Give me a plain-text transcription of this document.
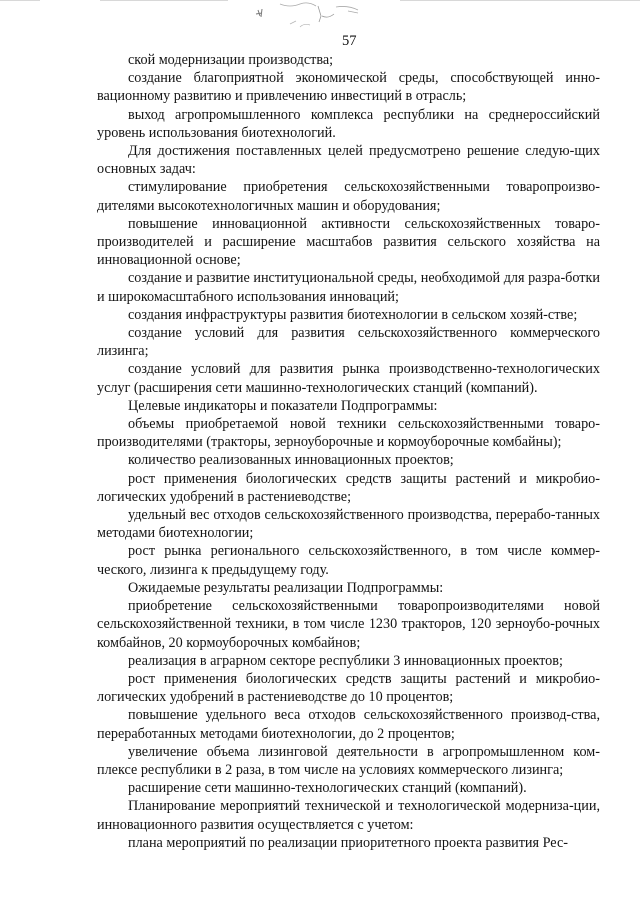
57

ской модернизации производства;

создание благоприятной экономической среды, способствующей инно-вационному развитию и привлечению инвестиций в отрасль;

выход агропромышленного комплекса республики на среднероссийский уровень использования биотехнологий.

Для достижения поставленных целей предусмотрено решение следую-щих основных задач:

стимулирование приобретения сельскохозяйственными товаропроизво-дителями высокотехнологичных машин и оборудования;

повышение инновационной активности сельскохозяйственных товаро-производителей и расширение масштабов развития сельского хозяйства на инновационной основе;

создание и развитие институциональной среды, необходимой для разра-ботки и широкомасштабного использования инноваций;

создания инфраструктуры развития биотехнологии в сельском хозяй-стве;

создание условий для развития сельскохозяйственного коммерческого лизинга;

создание условий для развития рынка производственно-технологических услуг (расширения сети машинно-технологических станций (компаний).

Целевые индикаторы и показатели Подпрограммы:

объемы приобретаемой новой техники сельскохозяйственными товаро-производителями (тракторы, зерноуборочные и кормоуборочные комбайны);

количество реализованных инновационных проектов;

рост применения биологических средств защиты растений и микробио-логических удобрений в растениеводстве;

удельный вес отходов сельскохозяйственного производства, перерабо-танных методами биотехнологии;

рост рынка регионального сельскохозяйственного, в том числе коммер-ческого, лизинга к предыдущему году.

Ожидаемые результаты реализации Подпрограммы:

приобретение сельскохозяйственными товаропроизводителями новой сельскохозяйственной техники, в том числе 1230 тракторов, 120 зерноубо-рочных комбайнов, 20 кормоуборочных комбайнов;

реализация в аграрном секторе республики 3 инновационных проектов;

рост применения биологических средств защиты растений и микробио-логических удобрений в растениеводстве до 10 процентов;

повышение удельного веса отходов сельскохозяйственного производ-ства, переработанных методами биотехнологии, до 2 процентов;

увеличение объема лизинговой деятельности в агропромышленном ком-плексе республики в 2 раза, в том числе на условиях коммерческого лизинга;

расширение сети машинно-технологических станций (компаний).

Планирование мероприятий технической и технологической модерниза-ции, инновационного развития осуществляется с учетом:

плана мероприятий по реализации приоритетного проекта развития Рес-
